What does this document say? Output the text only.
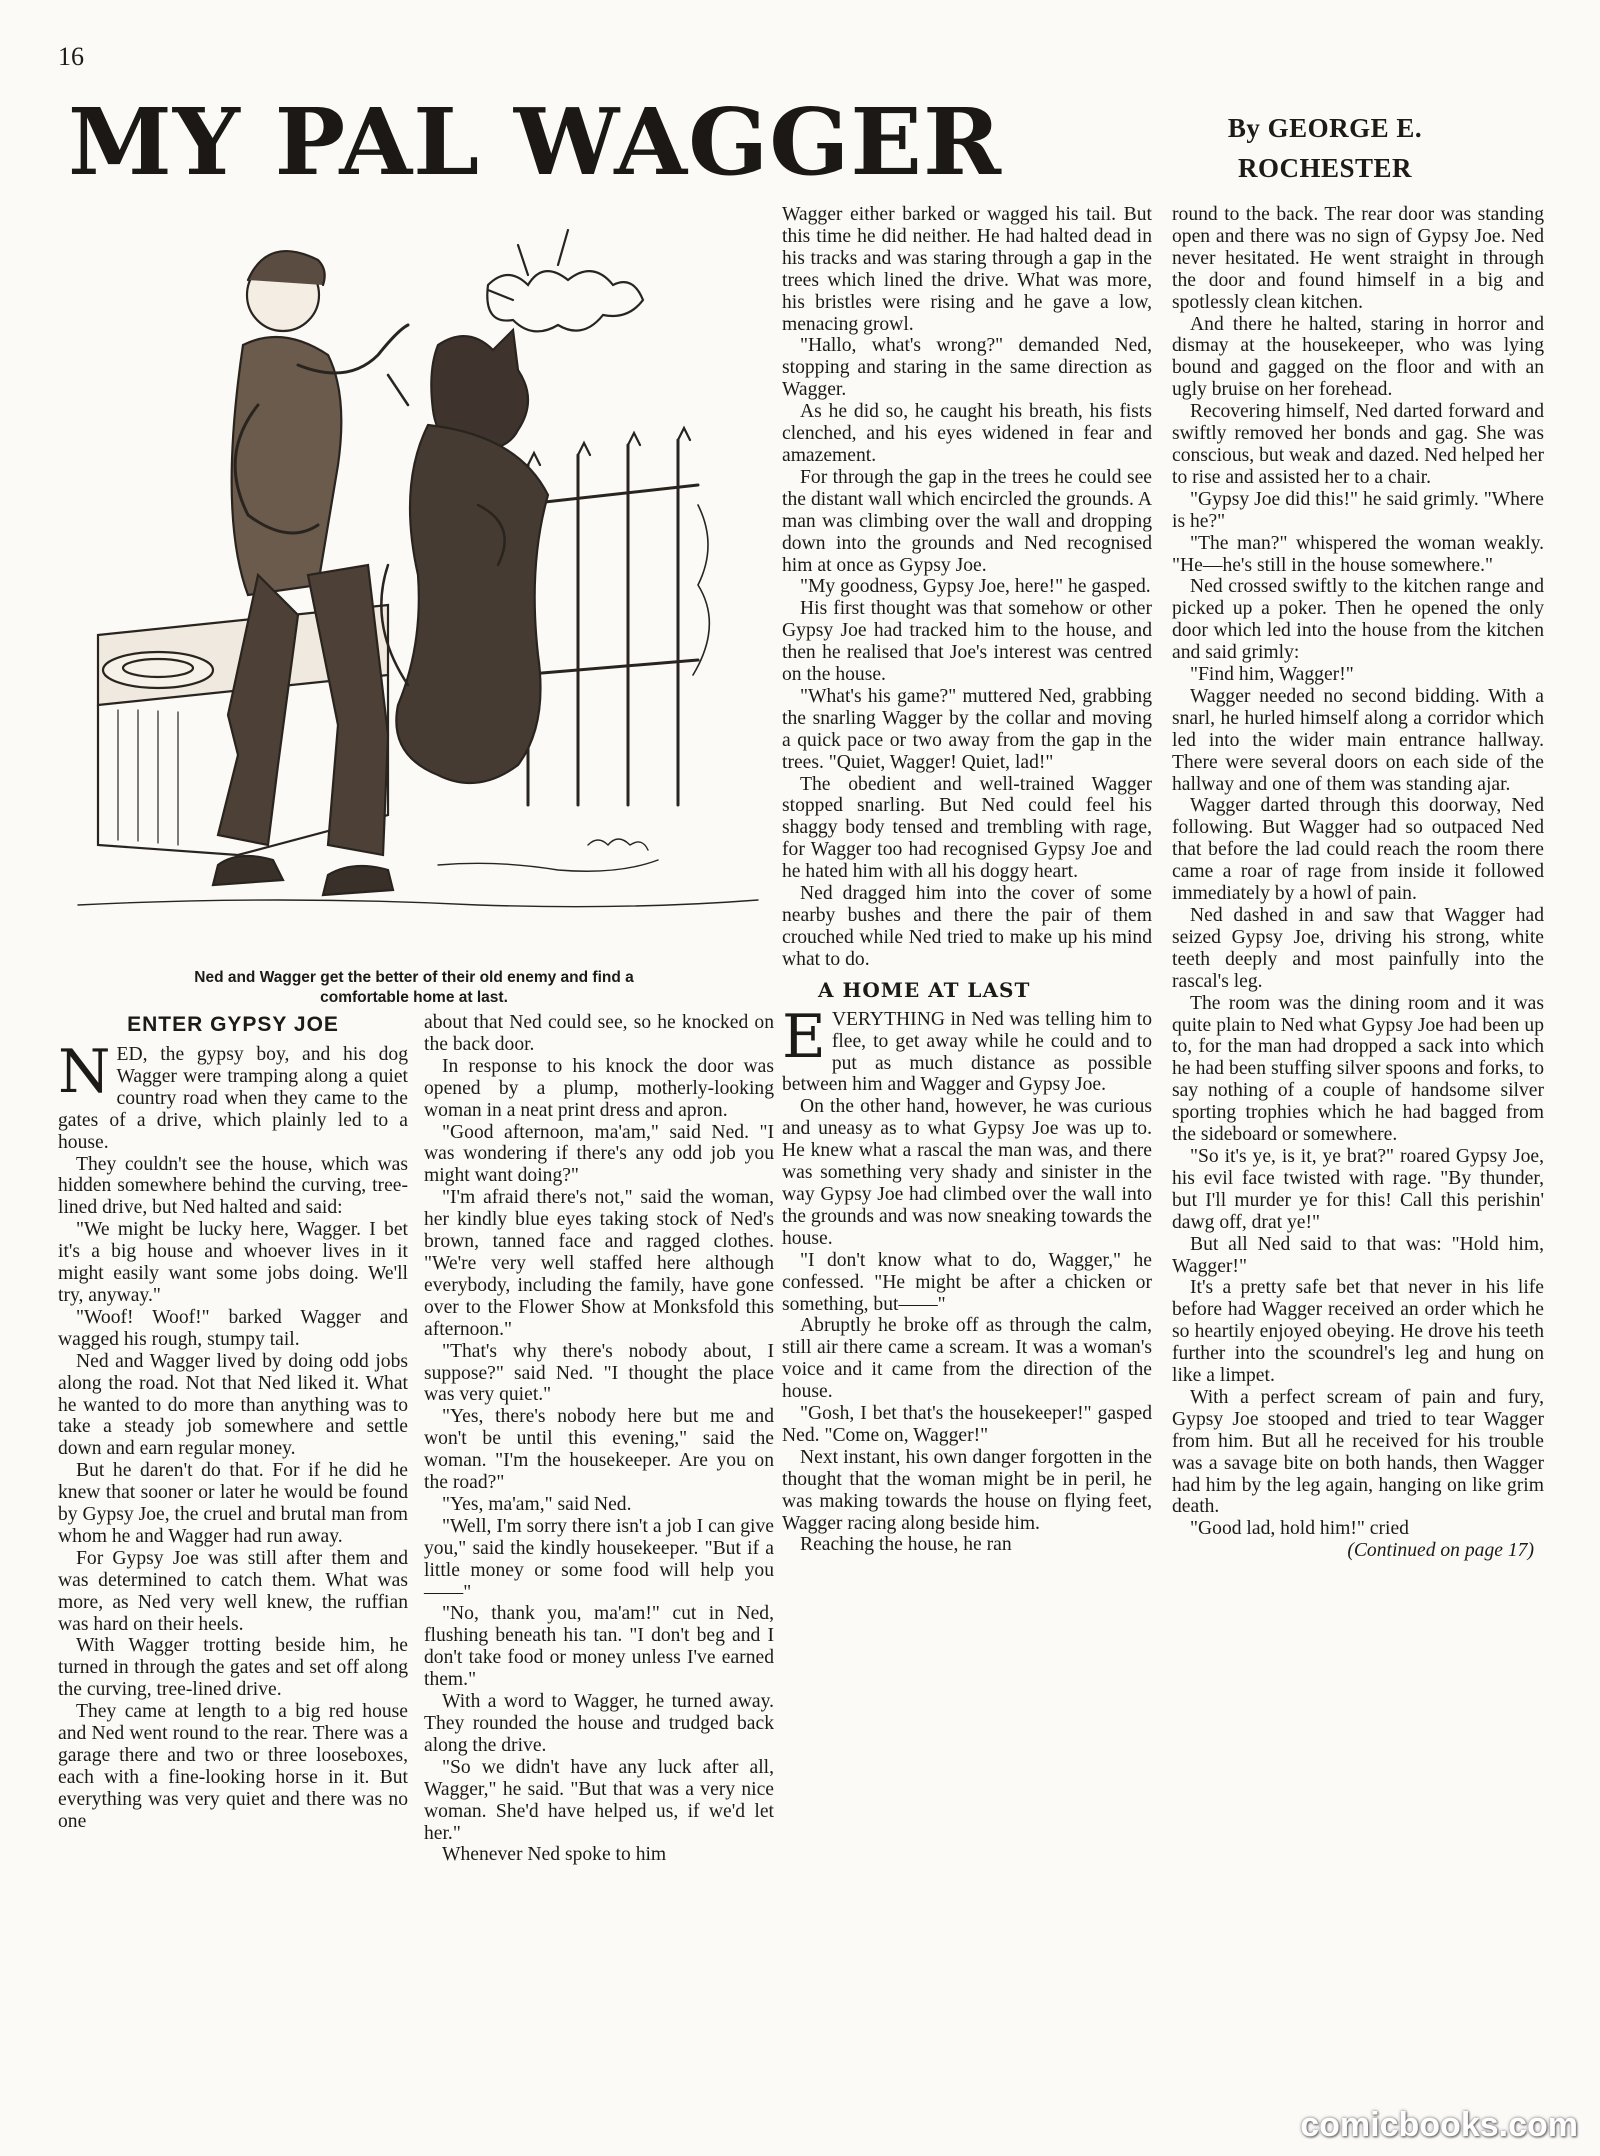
16
MY PAL WAGGER	By GEORGE E.
ROCHESTER
Ned and Wagger get the better of their old enemy and find a
comfortable home at last.
ENTER GYPSY JOE

NED, the gypsy boy, and his dog Wagger were tramping along a quiet country road when they came to the gates of a drive, which plainly led to a house.

They couldn't see the house, which was hidden somewhere behind the curving, tree-lined drive, but Ned halted and said:

"We might be lucky here, Wagger. I bet it's a big house and whoever lives in it might easily want some jobs doing. We'll try, anyway."

"Woof! Woof!" barked Wagger and wagged his rough, stumpy tail.

Ned and Wagger lived by doing odd jobs along the road. Not that Ned liked it. What he wanted to do more than anything was to take a steady job somewhere and settle down and earn regular money.

But he daren't do that. For if he did he knew that sooner or later he would be found by Gypsy Joe, the cruel and brutal man from whom he and Wagger had run away.

For Gypsy Joe was still after them and was determined to catch them. What was more, as Ned very well knew, the ruffian was hard on their heels.

With Wagger trotting beside him, he turned in through the gates and set off along the curving, tree-lined drive.

They came at length to a big red house and Ned went round to the rear. There was a garage there and two or three looseboxes, each with a fine-looking horse in it. But everything was very quiet and there was no one

about that Ned could see, so he knocked on the back door.

In response to his knock the door was opened by a plump, motherly-looking woman in a neat print dress and apron.

"Good afternoon, ma'am," said Ned. "I was wondering if there's any odd job you might want doing?"

"I'm afraid there's not," said the woman, her kindly blue eyes taking stock of Ned's brown, tanned face and ragged clothes. "We're very well staffed here although everybody, including the family, have gone over to the Flower Show at Monksfold this afternoon."

"That's why there's nobody about, I suppose?" said Ned. "I thought the place was very quiet."

"Yes, there's nobody here but me and won't be until this evening," said the woman. "I'm the housekeeper. Are you on the road?"

"Yes, ma'am," said Ned.

"Well, I'm sorry there isn't a job I can give you," said the kindly housekeeper. "But if a little money or some food will help you——"

"No, thank you, ma'am!" cut in Ned, flushing beneath his tan. "I don't beg and I don't take food or money unless I've earned them."

With a word to Wagger, he turned away. They rounded the house and trudged back along the drive.

"So we didn't have any luck after all, Wagger," he said. "But that was a very nice woman. She'd have helped us, if we'd let her."

Whenever Ned spoke to him

Wagger either barked or wagged his tail. But this time he did neither. He had halted dead in his tracks and was staring through a gap in the trees which lined the drive. What was more, his bristles were rising and he gave a low, menacing growl.

"Hallo, what's wrong?" demanded Ned, stopping and staring in the same direction as Wagger.

As he did so, he caught his breath, his fists clenched, and his eyes widened in fear and amazement.

For through the gap in the trees he could see the distant wall which encircled the grounds. A man was climbing over the wall and dropping down into the grounds and Ned recognised him at once as Gypsy Joe.

"My goodness, Gypsy Joe, here!" he gasped.

His first thought was that somehow or other Gypsy Joe had tracked him to the house, and then he realised that Joe's interest was centred on the house.

"What's his game?" muttered Ned, grabbing the snarling Wagger by the collar and moving a quick pace or two away from the gap in the trees. "Quiet, Wagger! Quiet, lad!"

The obedient and well-trained Wagger stopped snarling. But Ned could feel his shaggy body tensed and trembling with rage, for Wagger too had recognised Gypsy Joe and he hated him with all his doggy heart.

Ned dragged him into the cover of some nearby bushes and there the pair of them crouched while Ned tried to make up his mind what to do.

A HOME AT LAST

EVERYTHING in Ned was telling him to flee, to get away while he could and to put as much distance as possible between him and Wagger and Gypsy Joe.

On the other hand, however, he was curious and uneasy as to what Gypsy Joe was up to. He knew what a rascal the man was, and there was something very shady and sinister in the way Gypsy Joe had climbed over the wall into the grounds and was now sneaking towards the house.

"I don't know what to do, Wagger," he confessed. "He might be after a chicken or something, but——"

Abruptly he broke off as through the calm, still air there came a scream. It was a woman's voice and it came from the direction of the house.

"Gosh, I bet that's the housekeeper!" gasped Ned. "Come on, Wagger!"

Next instant, his own danger forgotten in the thought that the woman might be in peril, he was making towards the house on flying feet, Wagger racing along beside him.

Reaching the house, he ran

round to the back. The rear door was standing open and there was no sign of Gypsy Joe. Ned never hesitated. He went straight in through the door and found himself in a big and spotlessly clean kitchen.

And there he halted, staring in horror and dismay at the housekeeper, who was lying bound and gagged on the floor and with an ugly bruise on her forehead.

Recovering himself, Ned darted forward and swiftly removed her bonds and gag. She was conscious, but weak and dazed. Ned helped her to rise and assisted her to a chair.

"Gypsy Joe did this!" he said grimly. "Where is he?"

"The man?" whispered the woman weakly. "He—he's still in the house somewhere."

Ned crossed swiftly to the kitchen range and picked up a poker. Then he opened the only door which led into the house from the kitchen and said grimly:

"Find him, Wagger!"

Wagger needed no second bidding. With a snarl, he hurled himself along a corridor which led into the wider main entrance hallway. There were several doors on each side of the hallway and one of them was standing ajar.

Wagger darted through this doorway, Ned following. But Wagger had so outpaced Ned that before the lad could reach the room there came a roar of rage from inside it followed immediately by a howl of pain.

Ned dashed in and saw that Wagger had seized Gypsy Joe, driving his strong, white teeth deeply and most painfully into the rascal's leg.

The room was the dining room and it was quite plain to Ned what Gypsy Joe had been up to, for the man had dropped a sack into which he had been stuffing silver spoons and forks, to say nothing of a couple of handsome silver sporting trophies which he had bagged from the sideboard or somewhere.

"So it's ye, is it, ye brat?" roared Gypsy Joe, his evil face twisted with rage. "By thunder, but I'll murder ye for this! Call this perishin' dawg off, drat ye!"

But all Ned said to that was: "Hold him, Wagger!"

It's a pretty safe bet that never in his life before had Wagger received an order which he so heartily enjoyed obeying. He drove his teeth further into the scoundrel's leg and hung on like a limpet.

With a perfect scream of pain and fury, Gypsy Joe stooped and tried to tear Wagger from him. But all he received for his trouble was a savage bite on both hands, then Wagger had him by the leg again, hanging on like grim death.

"Good lad, hold him!" cried

(Continued on page 17)
comicbooks.com
